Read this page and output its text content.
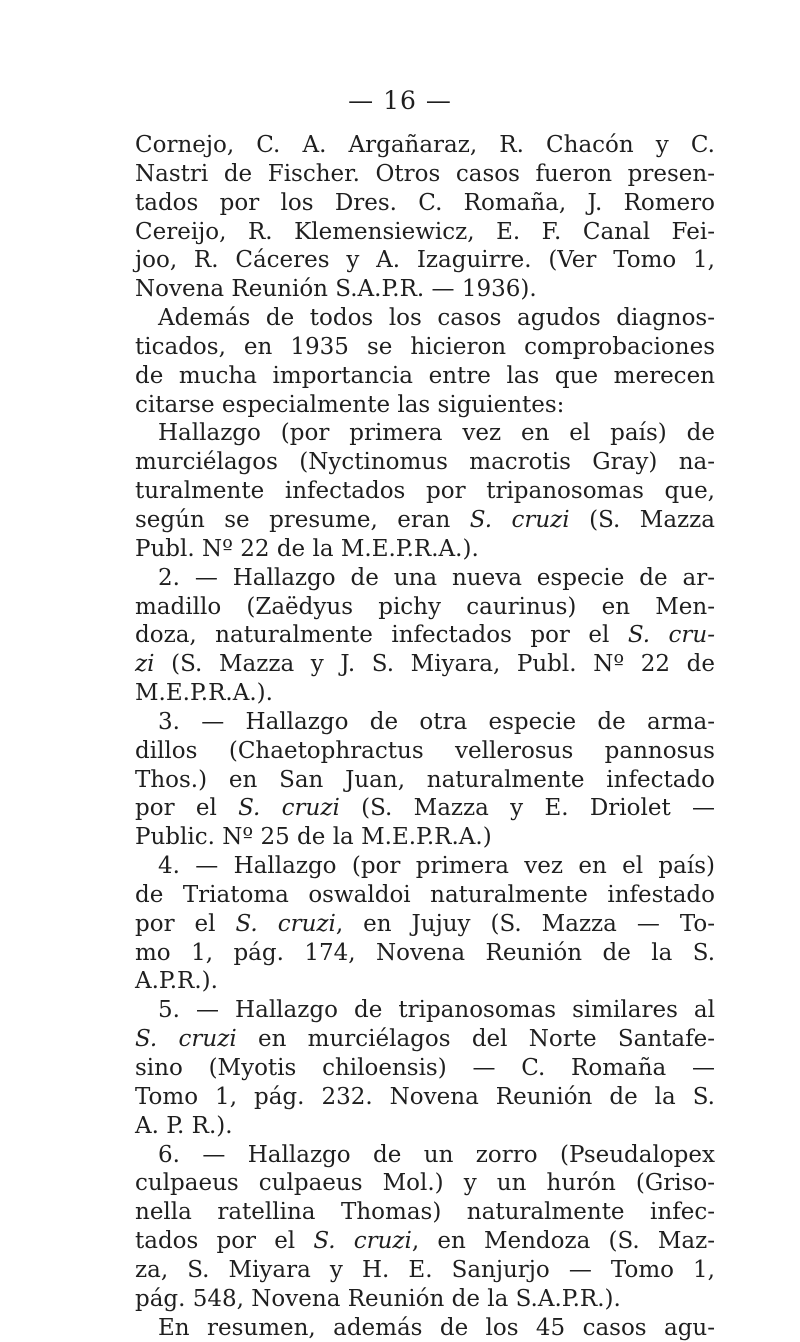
— 16 —
Cornejo, C. A. Argañaraz, R. Chacón y C.
Nastri de Fischer. Otros casos fueron presen-
tados por los Dres. C. Romaña, J. Romero
Cereijo, R. Klemensiewicz, E. F. Canal Fei-
joo, R. Cáceres y A. Izaguirre. (Ver Tomo 1,
Novena Reunión S.A.P.R. — 1936).
Además de todos los casos agudos diagnos-
ticados, en 1935 se hicieron comprobaciones
de mucha importancia entre las que merecen
citarse especialmente las siguientes:
Hallazgo (por primera vez en el país) de
murciélagos (Nyctinomus macrotis Gray) na-
turalmente infectados por tripanosomas que,
según se presume, eran S. cruzi (S. Mazza
Publ. Nº 22 de la M.E.P.R.A.).
2. — Hallazgo de una nueva especie de ar-
madillo (Zaëdyus pichy caurinus) en Men-
doza, naturalmente infectados por el S. cru-
zi (S. Mazza y J. S. Miyara, Publ. Nº 22 de
M.E.P.R.A.).
3. — Hallazgo de otra especie de arma-
dillos (Chaetophractus vellerosus pannosus
Thos.) en San Juan, naturalmente infectado
por el S. cruzi (S. Mazza y E. Driolet —
Public. Nº 25 de la M.E.P.R.A.)
4. — Hallazgo (por primera vez en el país)
de Triatoma oswaldoi naturalmente infestado
por el S. cruzi, en Jujuy (S. Mazza — To-
mo 1, pág. 174, Novena Reunión de la S.
A.P.R.).
5. — Hallazgo de tripanosomas similares al
S. cruzi en murciélagos del Norte Santafe-
sino (Myotis chiloensis) — C. Romaña —
Tomo 1, pág. 232. Novena Reunión de la S.
A. P. R.).
6. — Hallazgo de un zorro (Pseudalopex
culpaeus culpaeus Mol.) y un hurón (Griso-
nella ratellina Thomas) naturalmente infec-
tados por el S. cruzi, en Mendoza (S. Maz-
za, S. Miyara y H. E. Sanjurjo — Tomo 1,
pág. 548, Novena Reunión de la S.A.P.R.).
En resumen, además de los 45 casos agu-
